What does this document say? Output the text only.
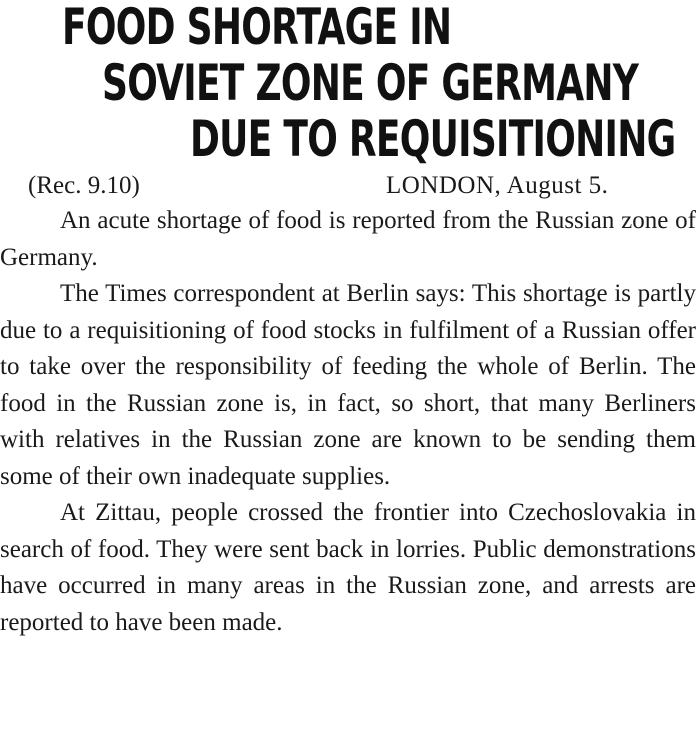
FOOD SHORTAGE IN
SOVIET ZONE OF GERMANY
DUE TO REQUISITIONING
(Rec. 9.10)	LONDON, August 5.

An acute shortage of food is reported from the Russian zone of Germany.

The Times correspondent at Berlin says: This shortage is partly due to a requisitioning of food stocks in fulfilment of a Russian offer to take over the responsibility of feeding the whole of Berlin. The food in the Russian zone is, in fact, so short, that many Berliners with relatives in the Russian zone are known to be sending them some of their own inadequate supplies.

At Zittau, people crossed the frontier into Czechoslovakia in search of food. They were sent back in lorries. Public demonstrations have occurred in many areas in the Russian zone, and arrests are reported to have been made.
